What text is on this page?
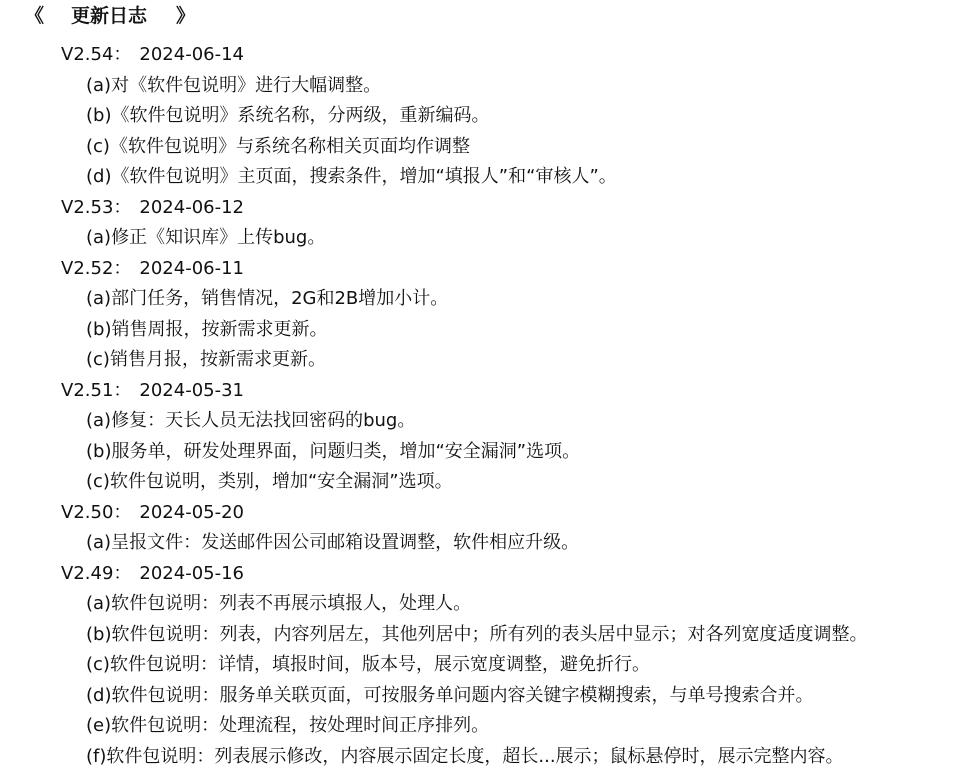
《

更新日志

》

V2.54： 2024-06-14
(a)对《软件包说明》进行大幅调整。
(b)《软件包说明》系统名称，分两级，重新编码。
(c)《软件包说明》与系统名称相关页面均作调整
(d)《软件包说明》主页面，搜索条件，增加“填报人”和“审核人”。
V2.53： 2024-06-12
(a)修正《知识库》上传bug。
V2.52： 2024-06-11
(a)部门任务，销售情况，2G和2B增加小计。
(b)销售周报，按新需求更新。
(c)销售月报，按新需求更新。
V2.51： 2024-05-31
(a)修复：天长人员无法找回密码的bug。
(b)服务单，研发处理界面，问题归类，增加“安全漏洞”选项。
(c)软件包说明，类别，增加“安全漏洞”选项。
V2.50： 2024-05-20
(a)呈报文件：发送邮件因公司邮箱设置调整，软件相应升级。
V2.49： 2024-05-16
(a)软件包说明：列表不再展示填报人，处理人。
(b)软件包说明：列表，内容列居左，其他列居中；所有列的表头居中显示；对各列宽度适度调整。
(c)软件包说明：详情，填报时间，版本号，展示宽度调整，避免折行。
(d)软件包说明：服务单关联页面，可按服务单问题内容关键字模糊搜索，与单号搜索合并。
(e)软件包说明：处理流程，按处理时间正序排列。
(f)软件包说明：列表展示修改，内容展示固定长度，超长...展示；鼠标悬停时，展示完整内容。
